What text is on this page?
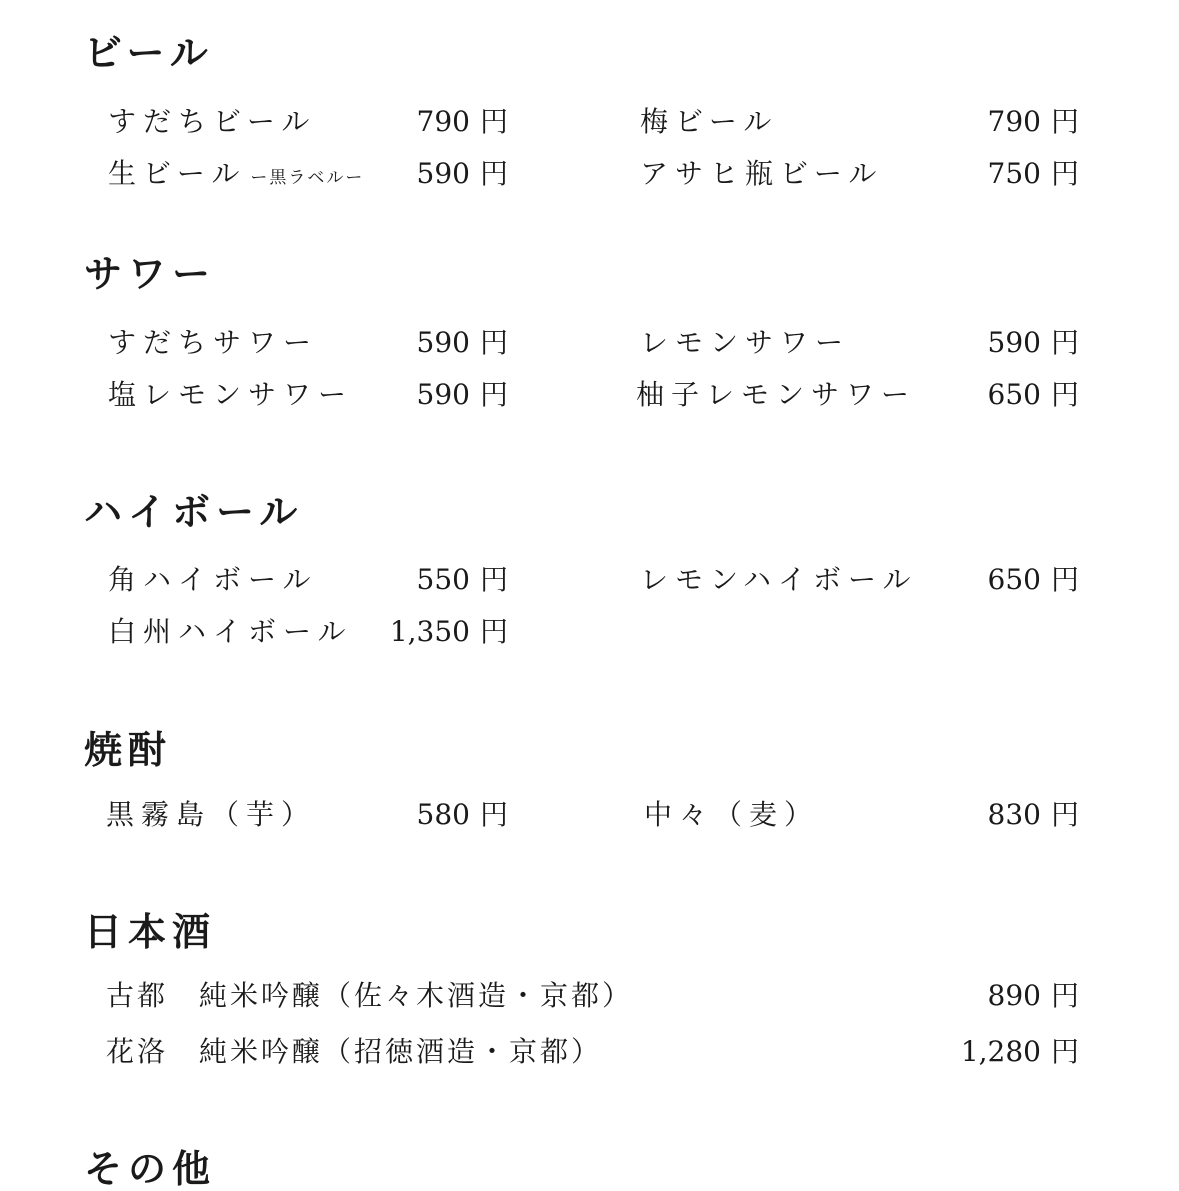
ビール
すだちビール	790 円	梅ビール	790 円
生ビール ー黒ラベルー	590 円	アサヒ瓶ビール	750 円
サワー
すだちサワー	590 円	レモンサワー	590 円
塩レモンサワー	590 円	柚子レモンサワー	650 円
ハイボール
角ハイボール	550 円	レモンハイボール	650 円
白州ハイボール	1,350 円
焼酎
黒霧島（芋）	580 円	中々（麦）	830 円
日本酒
古都　純米吟醸（佐々木酒造・京都）	890 円
花洛　純米吟醸（招徳酒造・京都）	1,280 円
その他
